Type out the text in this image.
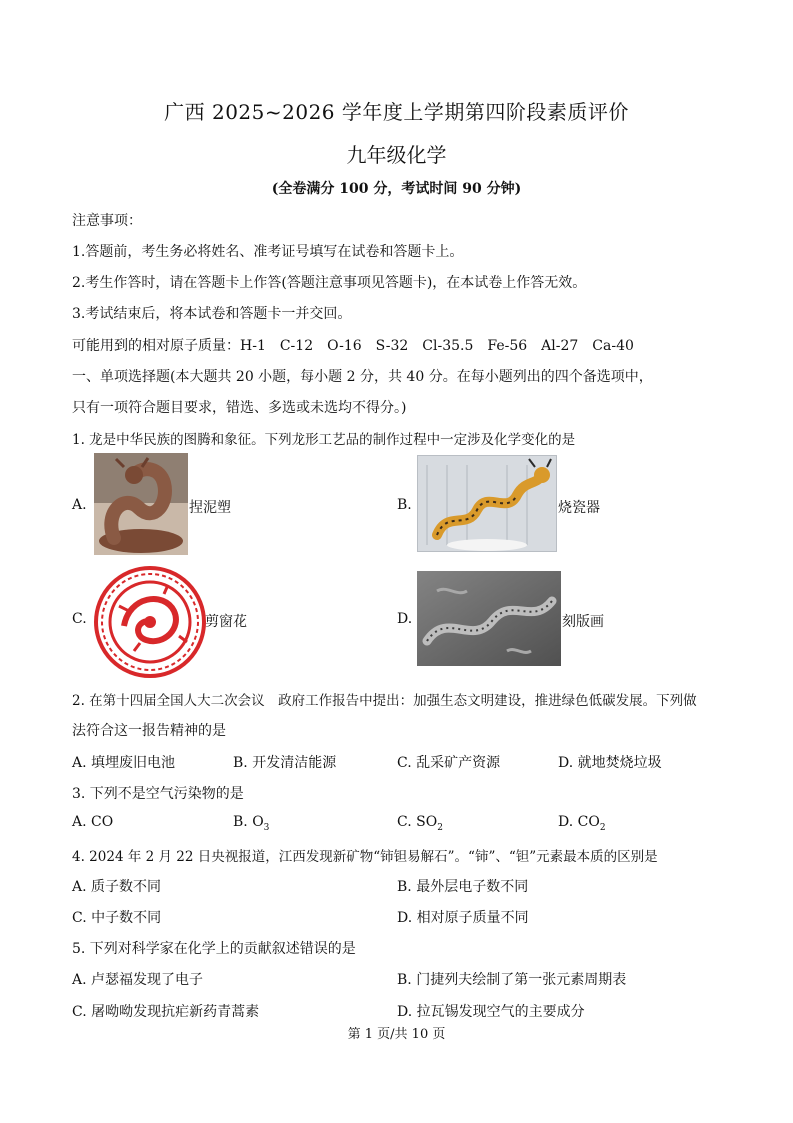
广西 2025~2026 学年度上学期第四阶段素质评价
九年级化学
(全卷满分 100 分，考试时间 90 分钟)
注意事项：
1.答题前，考生务必将姓名、准考证号填写在试卷和答题卡上。
2.考生作答时，请在答题卡上作答(答题注意事项见答题卡)，在本试卷上作答无效。
3.考试结束后，将本试卷和答题卡一并交回。
可能用到的相对原子质量：H-1　C-12　O-16　S-32　Cl-35.5　Fe-56　Al-27　Ca-40
一、单项选择题(本大题共 20 小题，每小题 2 分，共 40 分。在每小题列出的四个备选项中，
只有一项符合题目要求，错选、多选或未选均不得分。)
1. 龙是中华民族的图腾和象征。下列龙形工艺品的制作过程中一定涉及化学变化的是
A.	捏泥塑	B.	烧瓷器
C.	剪窗花	D.	刻版画
2. 在第十四届全国人大二次会议　政府工作报告中提出：加强生态文明建设，推进绿色低碳发展。下列做
法符合这一报告精神的是
A. 填埋废旧电池	B. 开发清洁能源	C. 乱采矿产资源	D. 就地焚烧垃圾
3. 下列不是空气污染物的是
A. CO	B. $O_3$	C. $SO_2$	D. $CO_2$
4. 2024 年 2 月 22 日央视报道，江西发现新矿物“铈钽易解石”。“铈”、“钽”元素最本质的区别是
A. 质子数不同	B. 最外层电子数不同
C. 中子数不同	D. 相对原子质量不同
5. 下列对科学家在化学上的贡献叙述错误的是
A. 卢瑟福发现了电子	B. 门捷列夫绘制了第一张元素周期表
C. 屠呦呦发现抗疟新药青蒿素	D. 拉瓦锡发现空气的主要成分
第 1 页/共 10 页
